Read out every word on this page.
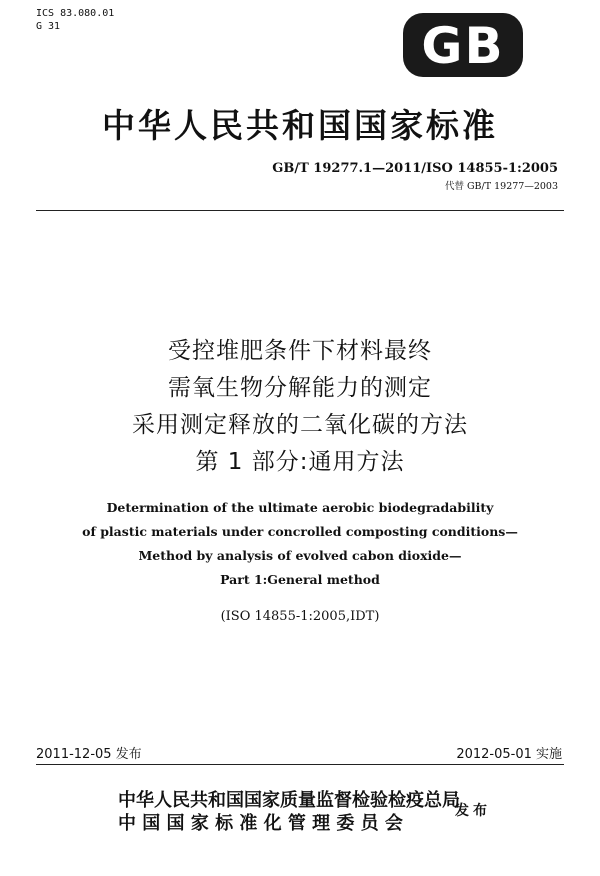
ICS 83.080.01
G 31	GB
中华人民共和国国家标准
GB/T 19277.1—2011/ISO 14855-1:2005
代替 GB/T 19277—2003
受控堆肥条件下材料最终
需氧生物分解能力的测定
采用测定释放的二氧化碳的方法
第 1 部分:通用方法
Determination of the ultimate aerobic biodegradability
of plastic materials under concrolled composting conditions—
Method by analysis of evolved cabon dioxide—
Part 1:General method
(ISO 14855-1:2005,IDT)
2011-12-05 发布	2012-05-01 实施
中华人民共和国国家质量监督检验检疫总局
中 国 国 家 标 准 化 管 理 委 员 会
发布
